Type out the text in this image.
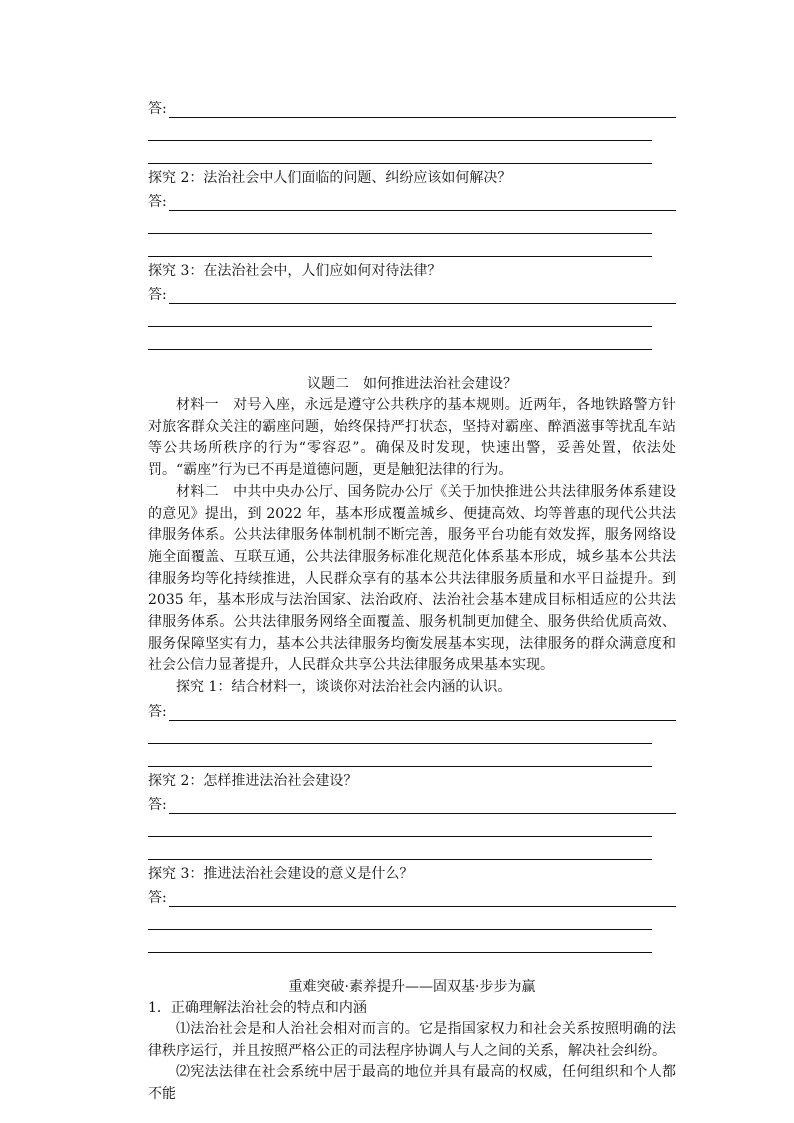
答:
探究 2：法治社会中人们面临的问题、纠纷应该如何解决？
答:
探究 3：在法治社会中，人们应如何对待法律？
答:
议题二　如何推进法治社会建设？
材料一　对号入座，永远是遵守公共秩序的基本规则。近两年，各地铁路警方针对旅客群众关注的霸座问题，始终保持严打状态，坚持对霸座、醉酒滋事等扰乱车站等公共场所秩序的行为“零容忍”。确保及时发现，快速出警，妥善处置，依法处罚。“霸座”行为已不再是道德问题，更是触犯法律的行为。
材料二　中共中央办公厅、国务院办公厅《关于加快推进公共法律服务体系建设的意见》提出，到 2022 年，基本形成覆盖城乡、便捷高效、均等普惠的现代公共法律服务体系。公共法律服务体制机制不断完善，服务平台功能有效发挥，服务网络设施全面覆盖、互联互通，公共法律服务标准化规范化体系基本形成，城乡基本公共法律服务均等化持续推进，人民群众享有的基本公共法律服务质量和水平日益提升。到 2035 年，基本形成与法治国家、法治政府、法治社会基本建成目标相适应的公共法律服务体系。公共法律服务网络全面覆盖、服务机制更加健全、服务供给优质高效、服务保障坚实有力，基本公共法律服务均衡发展基本实现，法律服务的群众满意度和社会公信力显著提升，人民群众共享公共法律服务成果基本实现。
探究 1：结合材料一，谈谈你对法治社会内涵的认识。
答:
探究 2：怎样推进法治社会建设？
答:
探究 3：推进法治社会建设的意义是什么？
答:
重难突破·素养提升——固双基·步步为赢
1．正确理解法治社会的特点和内涵
⑴法治社会是和人治社会相对而言的。它是指国家权力和社会关系按照明确的法律秩序运行，并且按照严格公正的司法程序协调人与人之间的关系，解决社会纠纷。
⑵宪法法律在社会系统中居于最高的地位并具有最高的权威，任何组织和个人都不能
